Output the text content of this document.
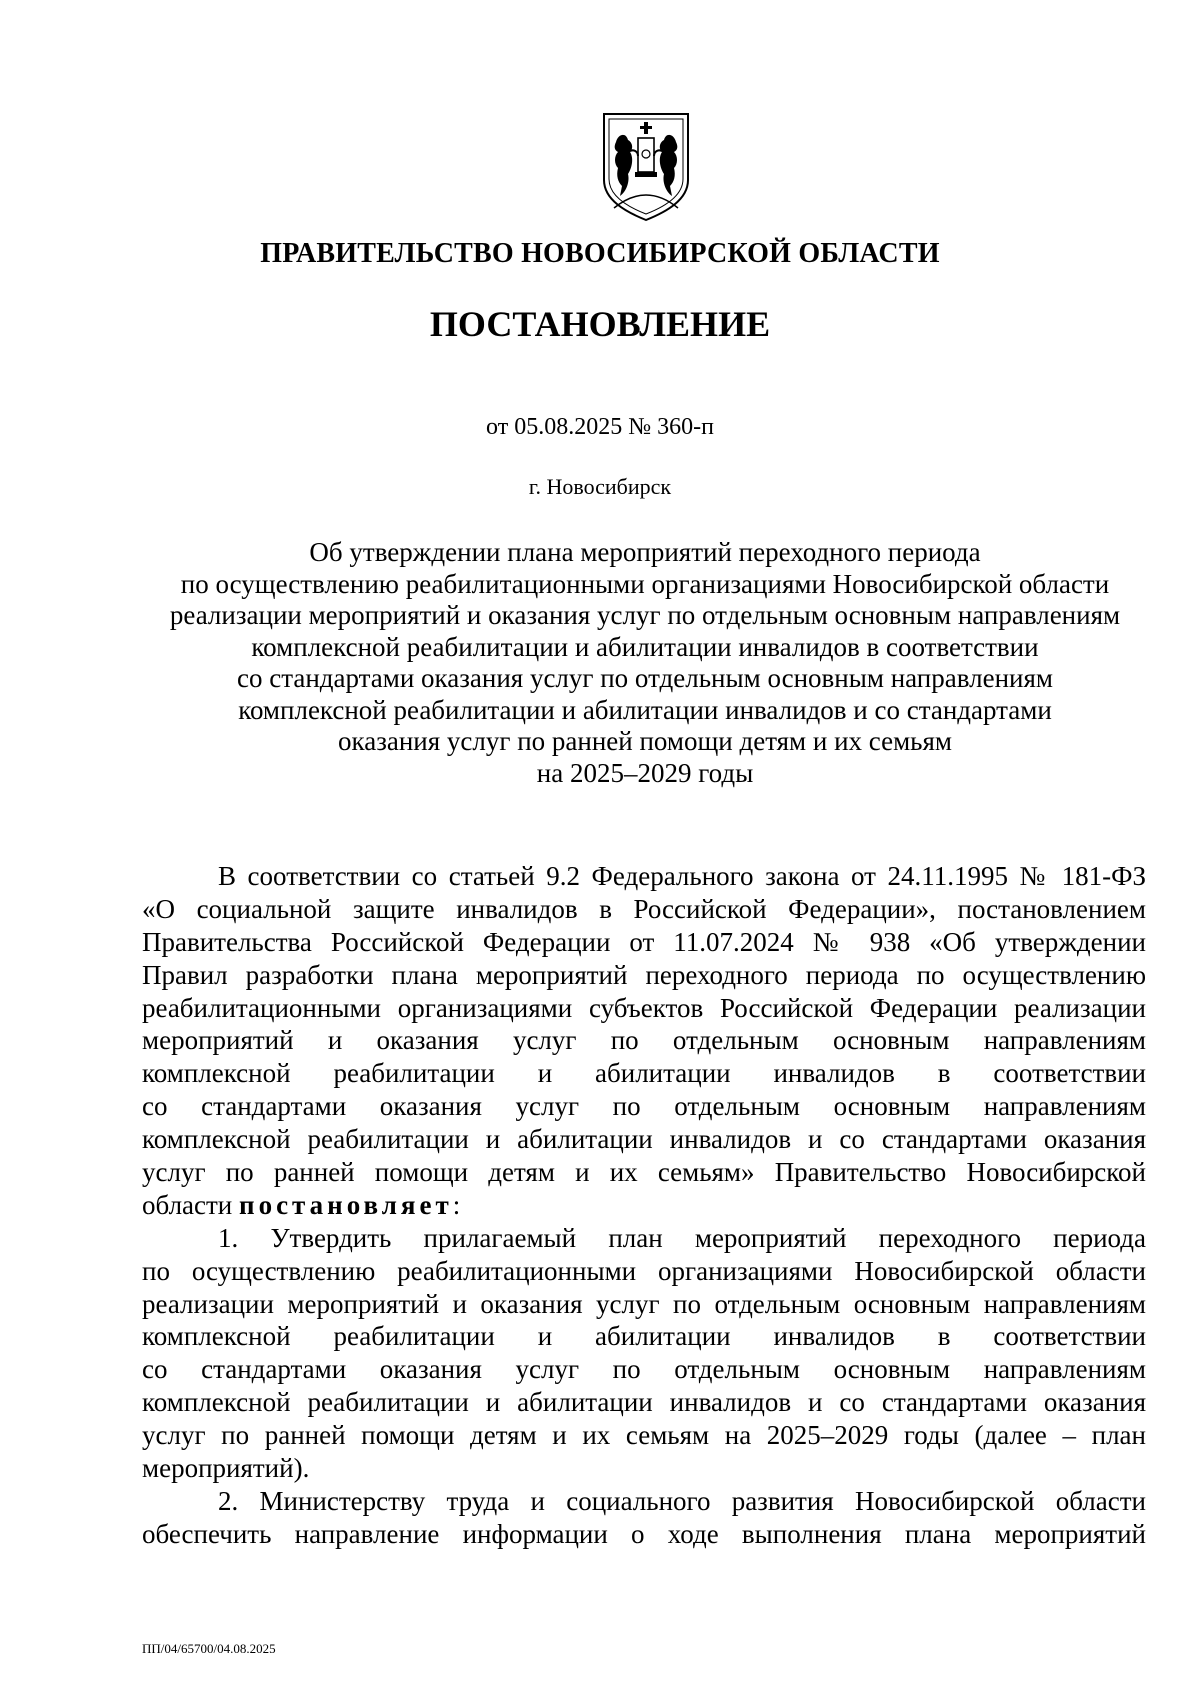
ПРАВИТЕЛЬСТВО НОВОСИБИРСКОЙ ОБЛАСТИ
ПОСТАНОВЛЕНИЕ
от 05.08.2025 № 360-п
г. Новосибирск
Об утверждении плана мероприятий переходного периода
по осуществлению реабилитационными организациями Новосибирской области
реализации мероприятий и оказания услуг по отдельным основным направлениям
комплексной реабилитации и абилитации инвалидов в соответствии
со стандартами оказания услуг по отдельным основным направлениям
комплексной реабилитации и абилитации инвалидов и со стандартами
оказания услуг по ранней помощи детям и их семьям
на 2025–2029 годы
В соответствии со статьей 9.2 Федерального закона от 24.11.1995 № 181-ФЗ
«О социальной защите инвалидов в Российской Федерации», постановлением
Правительства Российской Федерации от 11.07.2024 № 938 «Об утверждении
Правил разработки плана мероприятий переходного периода по осуществлению
реабилитационными организациями субъектов Российской Федерации реализации
мероприятий и оказания услуг по отдельным основным направлениям
комплексной реабилитации и абилитации инвалидов в соответствии
со стандартами оказания услуг по отдельным основным направлениям
комплексной реабилитации и абилитации инвалидов и со стандартами оказания
услуг по ранней помощи детям и их семьям» Правительство Новосибирской
области постановляет:
1. Утвердить прилагаемый план мероприятий переходного периода
по осуществлению реабилитационными организациями Новосибирской области
реализации мероприятий и оказания услуг по отдельным основным направлениям
комплексной реабилитации и абилитации инвалидов в соответствии
со стандартами оказания услуг по отдельным основным направлениям
комплексной реабилитации и абилитации инвалидов и со стандартами оказания
услуг по ранней помощи детям и их семьям на 2025–2029 годы (далее – план
мероприятий).
2. Министерству труда и социального развития Новосибирской области
обеспечить направление информации о ходе выполнения плана мероприятий
ПП/04/65700/04.08.2025
